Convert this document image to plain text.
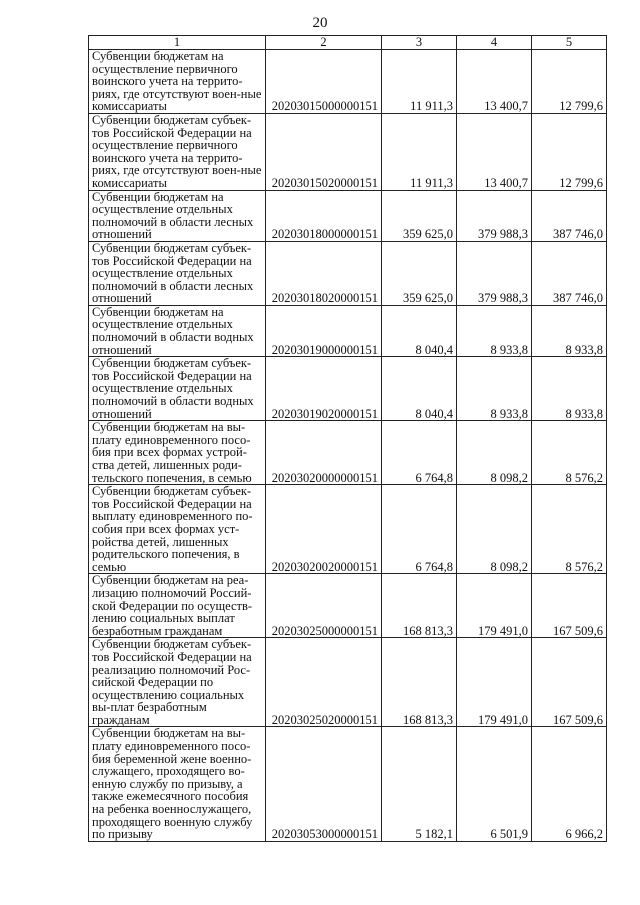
20
1	2	3	4	5
Субвенции бюджетам на осуществление первичного воинского учета на террито-риях, где отсутствуют воен-ные комиссариаты	20203015000000151	11 911,3	13 400,7	12 799,6
Субвенции бюджетам субъек-тов Российской Федерации на осуществление первичного воинского учета на террито-риях, где отсутствуют воен-ные комиссариаты	20203015020000151	11 911,3	13 400,7	12 799,6
Субвенции бюджетам на осуществление отдельных полномочий в области лесных отношений	20203018000000151	359 625,0	379 988,3	387 746,0
Субвенции бюджетам субъек-тов Российской Федерации на осуществление отдельных полномочий в области лесных отношений	20203018020000151	359 625,0	379 988,3	387 746,0
Субвенции бюджетам на осуществление отдельных полномочий в области водных отношений	20203019000000151	8 040,4	8 933,8	8 933,8
Субвенции бюджетам субъек-тов Российской Федерации на осуществление отдельных полномочий в области водных отношений	20203019020000151	8 040,4	8 933,8	8 933,8
Субвенции бюджетам на вы-плату единовременного посо-бия при всех формах устрой-ства детей, лишенных роди-тельского попечения, в семью	20203020000000151	6 764,8	8 098,2	8 576,2
Субвенции бюджетам субъек-тов Российской Федерации на выплату единовременного по-собия при всех формах уст-ройства детей, лишенных родительского попечения, в семью	20203020020000151	6 764,8	8 098,2	8 576,2
Субвенции бюджетам на реа-лизацию полномочий Россий-ской Федерации по осуществ-лению социальных выплат безработным гражданам	20203025000000151	168 813,3	179 491,0	167 509,6
Субвенции бюджетам субъек-тов Российской Федерации на реализацию полномочий Рос-сийской Федерации по осуществлению социальных вы-плат безработным гражданам	20203025020000151	168 813,3	179 491,0	167 509,6
Субвенции бюджетам на вы-плату единовременного посо-бия беременной жене военно-служащего, проходящего во-енную службу по призыву, а также ежемесячного пособия на ребенка военнослужащего, проходящего военную службу по призыву	20203053000000151	5 182,1	6 501,9	6 966,2
